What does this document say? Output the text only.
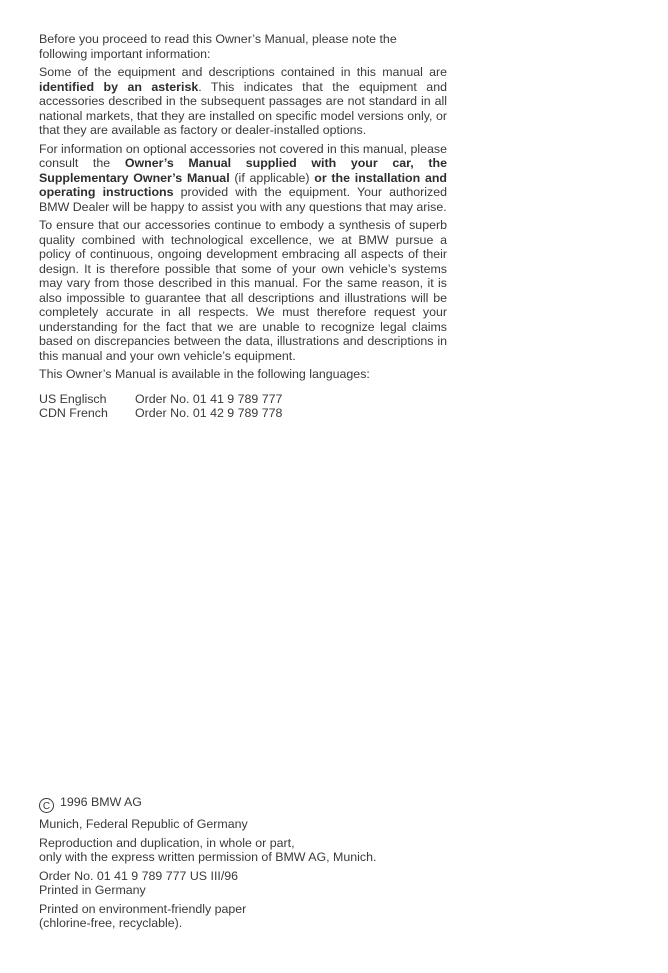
Before you proceed to read this Owner’s Manual, please note the following important information:

Some of the equipment and descriptions contained in this manual are identified by an asterisk. This indicates that the equipment and accessories described in the subsequent passages are not standard in all national markets, that they are installed on specific model versions only, or that they are available as factory or dealer-installed options.

For information on optional accessories not covered in this manual, please consult the Owner’s Manual supplied with your car, the Supplementary Owner’s Manual (if applicable) or the installation and operating instructions provided with the equipment. Your authorized BMW Dealer will be happy to assist you with any questions that may arise.

To ensure that our accessories continue to embody a synthesis of superb quality combined with technological excellence, we at BMW pursue a policy of continuous, ongoing development embracing all aspects of their design. It is therefore possible that some of your own vehicle’s systems may vary from those described in this manual. For the same reason, it is also impossible to guarantee that all descriptions and illustrations will be completely accurate in all respects. We must therefore request your understanding for the fact that we are unable to recognize legal claims based on discrepancies between the data, illustrations and descriptions in this manual and your own vehicle’s equipment.

This Owner’s Manual is available in the following languages:

US Englisch	Order No. 01 41 9 789 777
CDN French	Order No. 01 42 9 789 778
C 1996 BMW AG
Munich, Federal Republic of Germany
Reproduction and duplication, in whole or part,
only with the express written permission of BMW AG, Munich.
Order No. 01 41 9 789 777 US III/96
Printed in Germany
Printed on environment-friendly paper
(chlorine-free, recyclable).
